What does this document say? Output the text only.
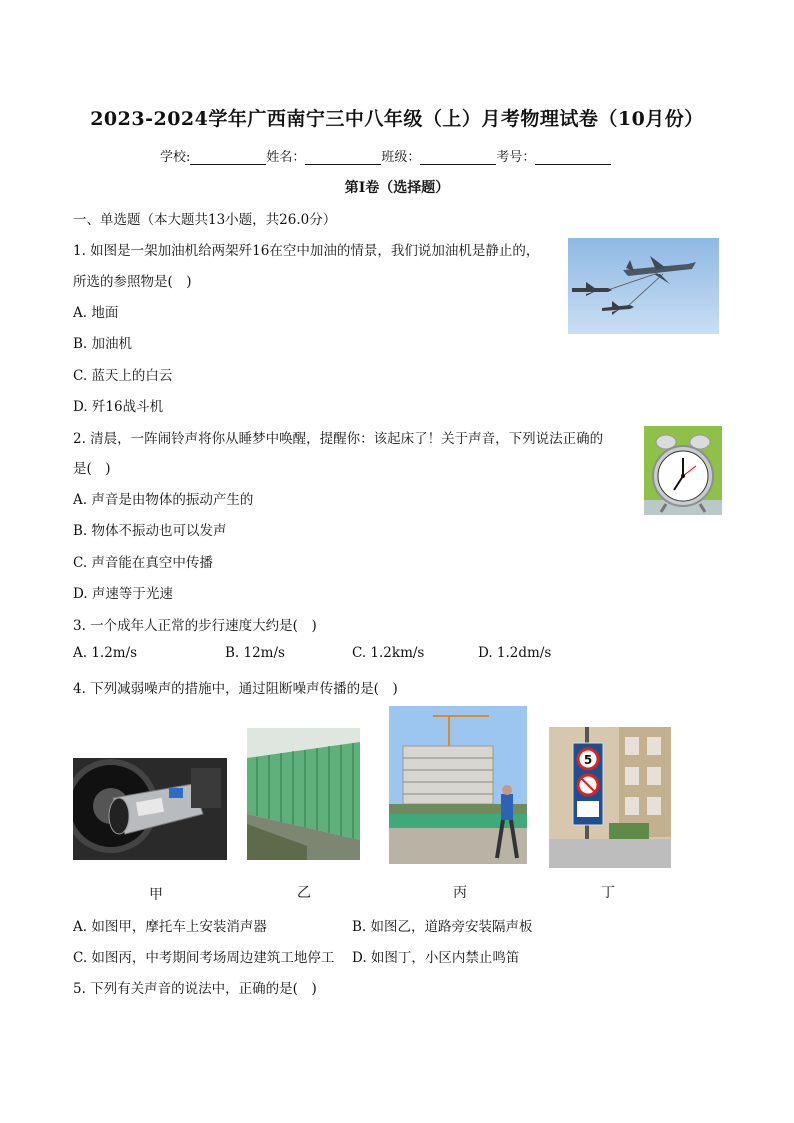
2023-2024学年广西南宁三中八年级（上）月考物理试卷（10月份）
学校:	姓名：	班级：	考号：
第I卷（选择题）
一、单选题（本大题共13小题，共26.0分）
1. 如图是一架加油机给两架歼16在空中加油的情景，我们说加油机是静止的，
所选的参照物是(　)
A. 地面
B. 加油机
C. 蓝天上的白云
D. 歼16战斗机
2. 清晨，一阵闹铃声将你从睡梦中唤醒，提醒你：该起床了！关于声音，下列说法正确的
是(　)
A. 声音是由物体的振动产生的
B. 物体不振动也可以发声
C. 声音能在真空中传播
D. 声速等于光速
3. 一个成年人正常的步行速度大约是(　)
A. 1.2m/s	B. 12m/s	C. 1.2km/s	D. 1.2dm/s
4. 下列减弱噪声的措施中，通过阻断噪声传播的是(　)
5
甲	乙	丙	丁
A. 如图甲，摩托车上安装消声器	B. 如图乙，道路旁安装隔声板
C. 如图丙，中考期间考场周边建筑工地停工 D. 如图丁，小区内禁止鸣笛
5. 下列有关声音的说法中，正确的是(　)
